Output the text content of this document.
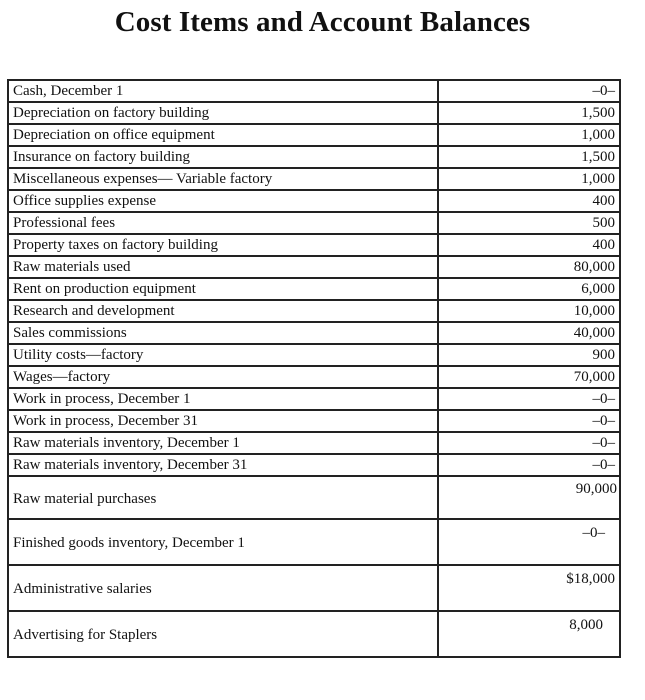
Cost Items and Account Balances
Cash, December 1	–0–
Depreciation on factory building	1,500
Depreciation on office equipment	1,000
Insurance on factory building	1,500
Miscellaneous expenses— Variable factory	1,000
Office supplies expense	400
Professional fees	500
Property taxes on factory building	400
Raw materials used	80,000
Rent on production equipment	6,000
Research and development	10,000
Sales commissions	40,000
Utility costs—factory	900
Wages—factory	70,000
Work in process, December 1	–0–
Work in process, December 31	–0–
Raw materials inventory, December 1	–0–
Raw materials inventory, December 31	–0–
Raw material purchases	90,000
Finished goods inventory, December 1	–0–
Administrative salaries	$18,000
Advertising for Staplers	8,000
